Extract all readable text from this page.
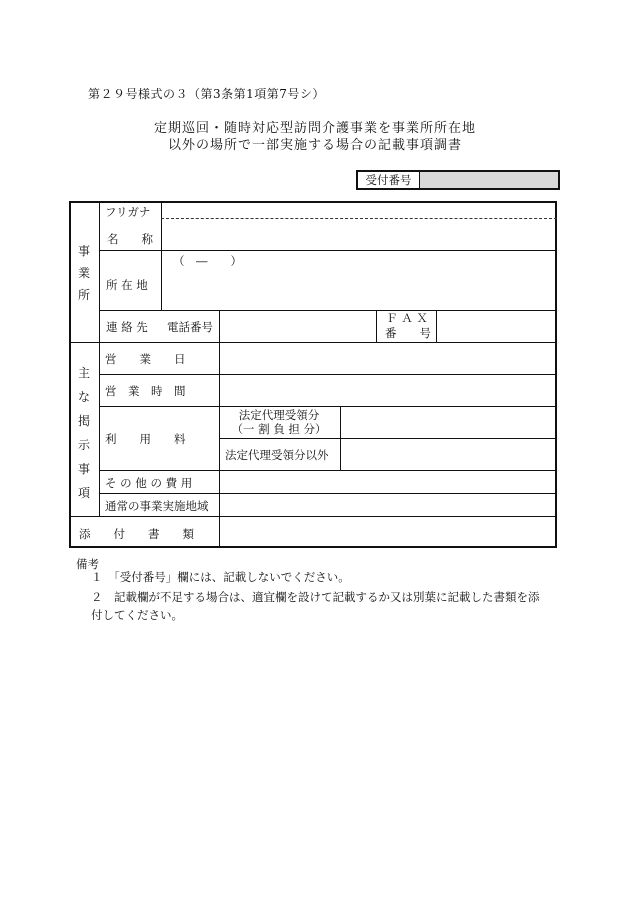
第２９号様式の３（第3条第1項第7号シ）
定期巡回・随時対応型訪問介護事業を事業所所在地
以外の場所で一部実施する場合の記載事項調書
受付番号
事
業
所
主
な
掲
示
事
項
フリガナ
名　　称
所 在 地
（　―　　）
連 絡 先 電話番号
Ｆ Ａ Ｘ
番　　号
営　　業　　日
営　業　時　間
利　　用　　料
法定代理受領分
（一 割 負 担 分）
法定代理受領分以外
そ の 他 の 費 用
通常の事業実施地域
添　　付　　書　　類
備考
１　「受付番号」欄には、記載しないでください。
２　記載欄が不足する場合は、適宜欄を設けて記載するか又は別葉に記載した書類を添
付してください。
